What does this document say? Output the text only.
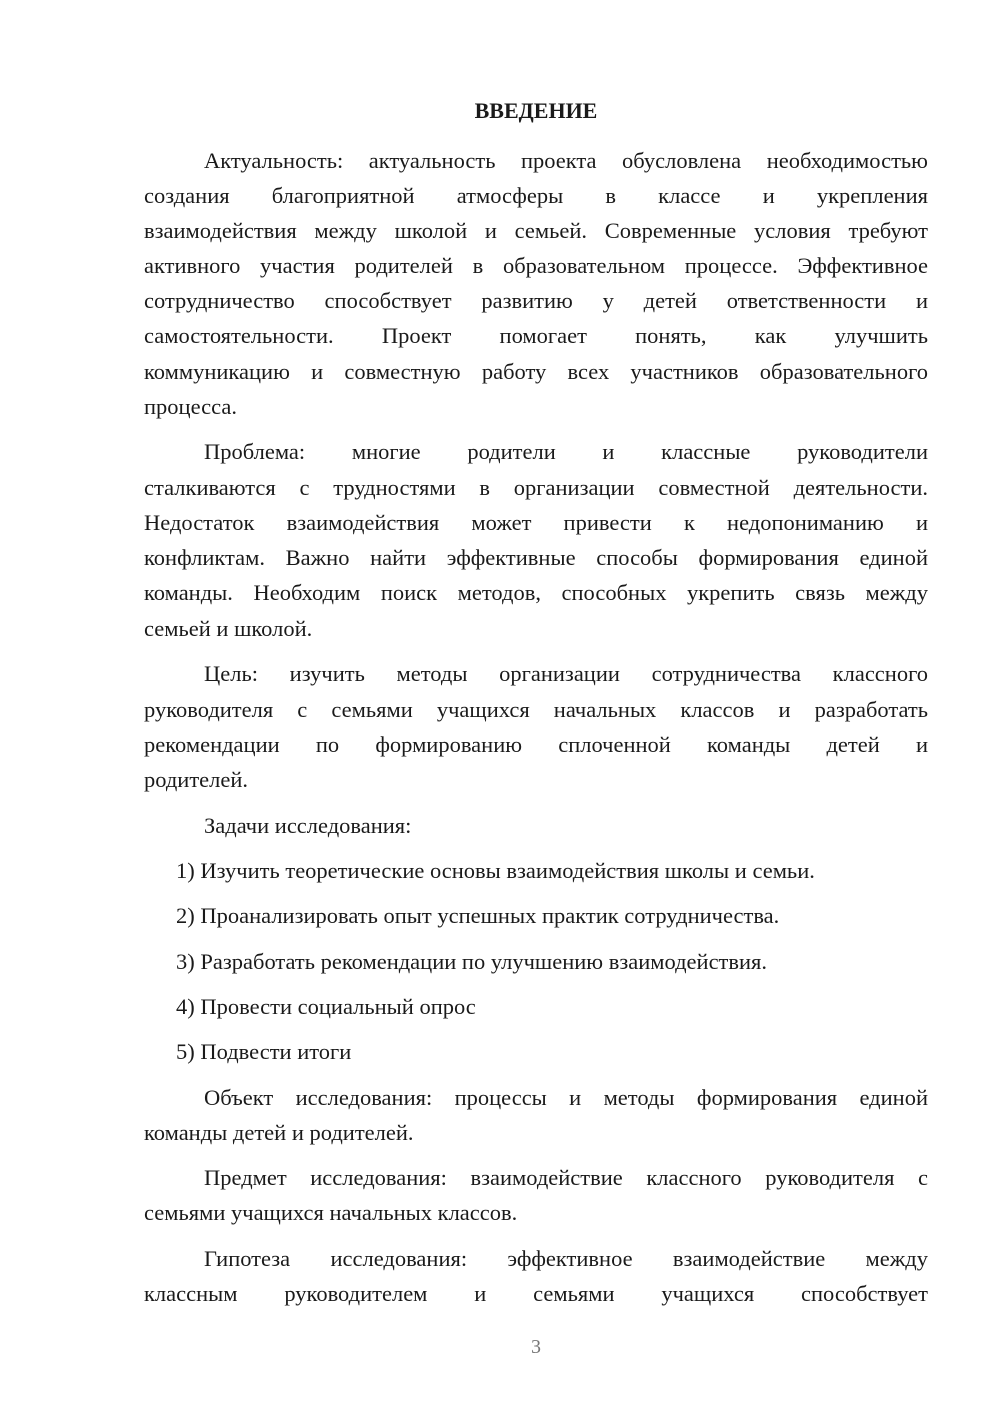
ВВЕДЕНИЕ
Актуальность: актуальность проекта обусловлена необходимостью
создания благоприятной атмосферы в классе и укрепления
взаимодействия между школой и семьей. Современные условия требуют
активного участия родителей в образовательном процессе. Эффективное
сотрудничество способствует развитию у детей ответственности и
самостоятельности. Проект помогает понять, как улучшить
коммуникацию и совместную работу всех участников образовательного
процесса.
Проблема: многие родители и классные руководители
сталкиваются с трудностями в организации совместной деятельности.
Недостаток взаимодействия может привести к недопониманию и
конфликтам. Важно найти эффективные способы формирования единой
команды. Необходим поиск методов, способных укрепить связь между
семьей и школой.
Цель: изучить методы организации сотрудничества классного
руководителя с семьями учащихся начальных классов и разработать
рекомендации по формированию сплоченной команды детей и
родителей.
Задачи исследования:
1) Изучить теоретические основы взаимодействия школы и семьи.
2) Проанализировать опыт успешных практик сотрудничества.
3) Разработать рекомендации по улучшению взаимодействия.
4) Провести социальный опрос
5) Подвести итоги
Объект исследования: процессы и методы формирования единой
команды детей и родителей.
Предмет исследования: взаимодействие классного руководителя с
семьями учащихся начальных классов.
Гипотеза исследования: эффективное взаимодействие между
классным руководителем и семьями учащихся способствует
3
